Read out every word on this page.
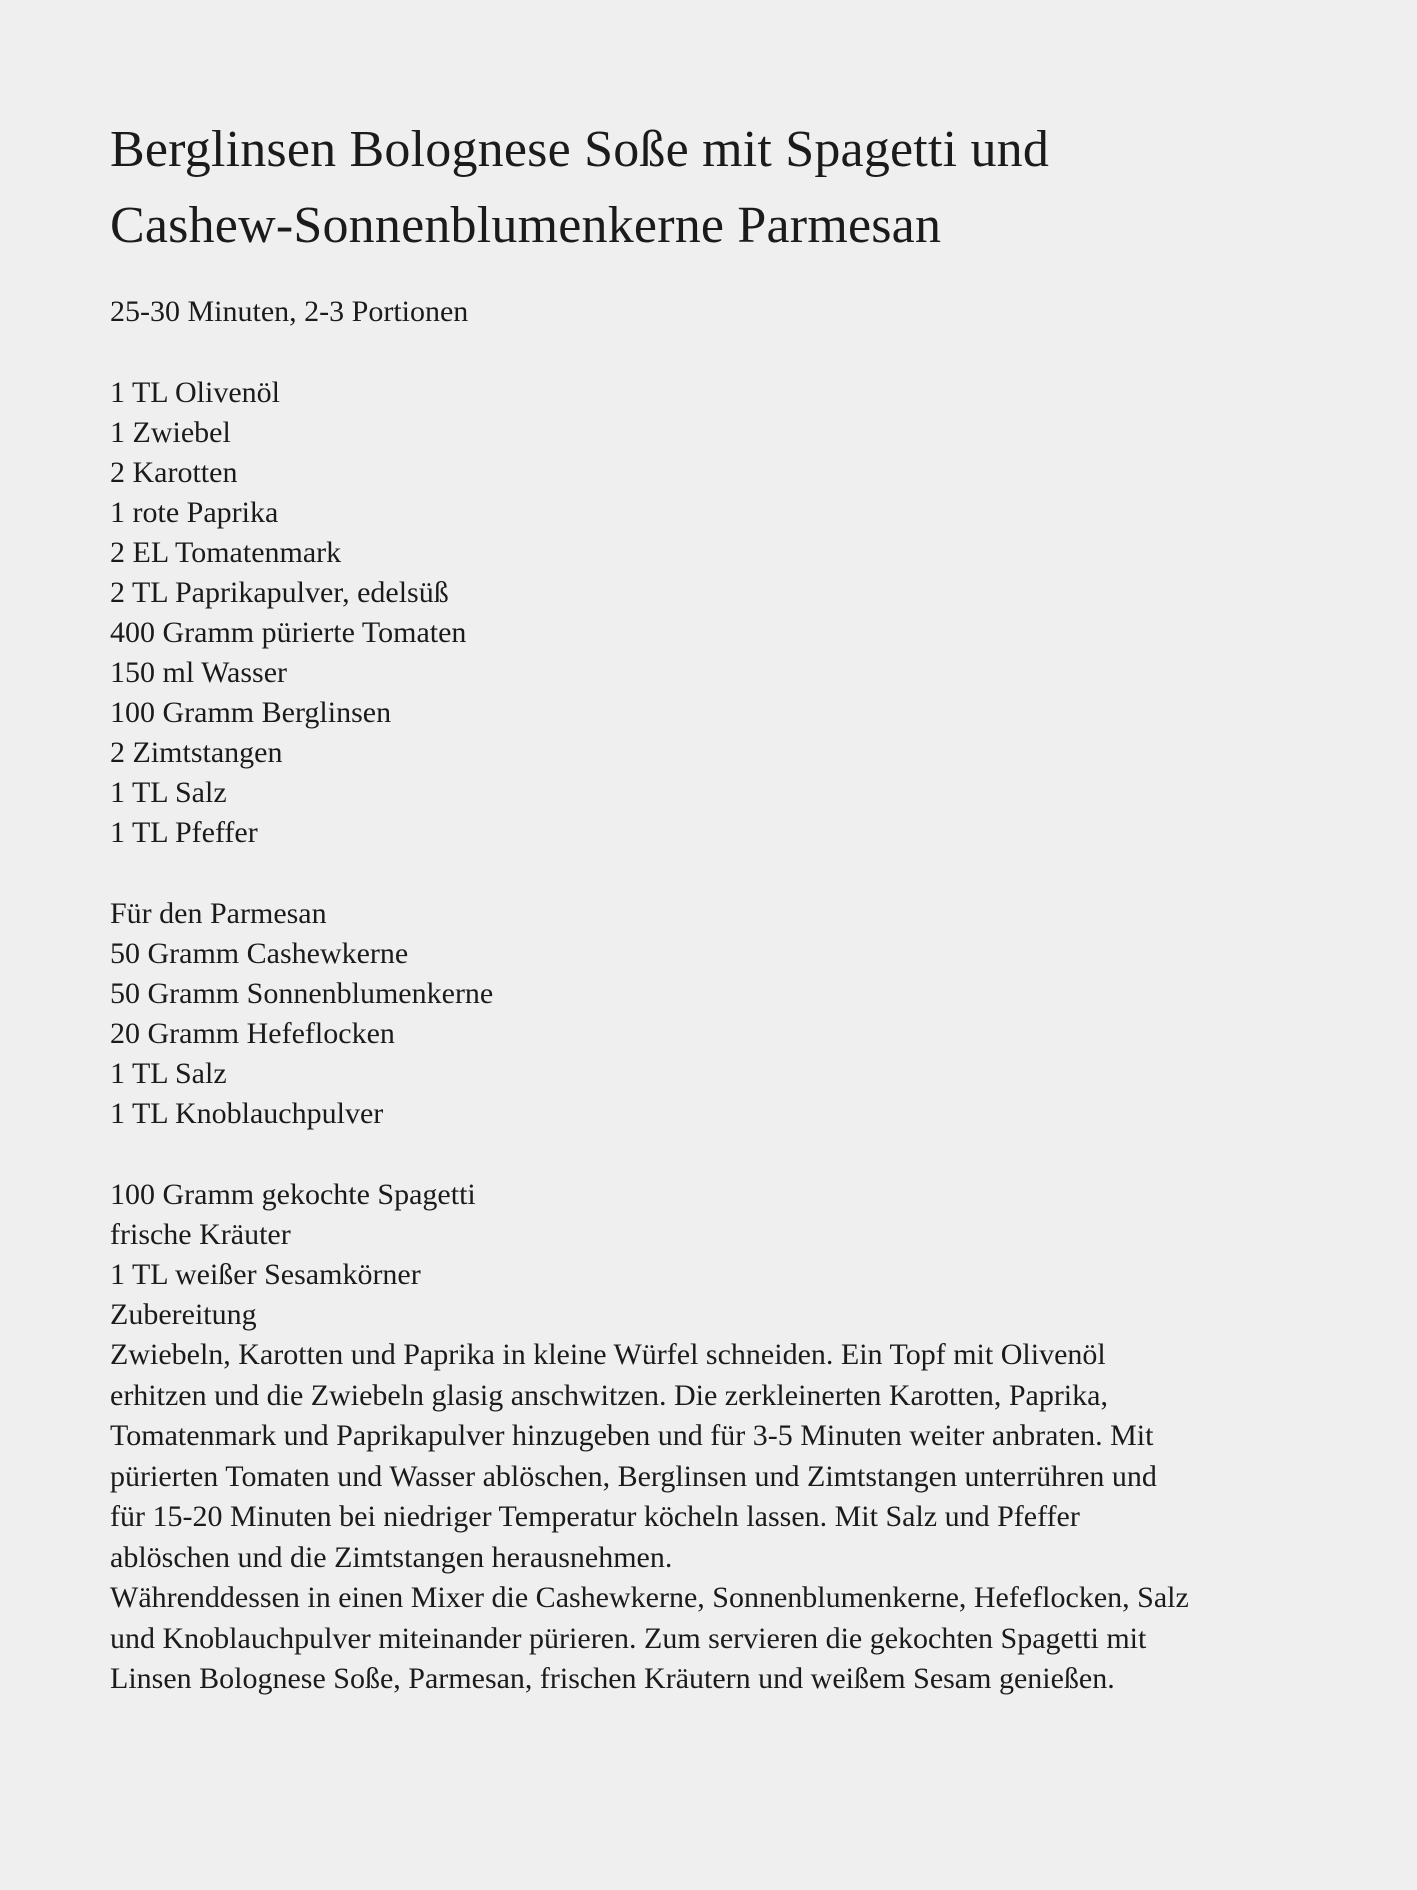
Berglinsen Bolognese Soße mit Spagetti und
Cashew-Sonnenblumenkerne Parmesan

25-30 Minuten, 2-3 Portionen

1 TL Olivenöl
1 Zwiebel
2 Karotten
1 rote Paprika
2 EL Tomatenmark
2 TL Paprikapulver, edelsüß
400 Gramm pürierte Tomaten
150 ml Wasser
100 Gramm Berglinsen
2 Zimtstangen
1 TL Salz
1 TL Pfeffer
Für den Parmesan
50 Gramm Cashewkerne
50 Gramm Sonnenblumenkerne
20 Gramm Hefeflocken
1 TL Salz
1 TL Knoblauchpulver
100 Gramm gekochte Spagetti
frische Kräuter
1 TL weißer Sesamkörner
Zubereitung

Zwiebeln, Karotten und Paprika in kleine Würfel schneiden. Ein Topf mit Olivenöl
erhitzen und die Zwiebeln glasig anschwitzen. Die zerkleinerten Karotten, Paprika,
Tomatenmark und Paprikapulver hinzugeben und für 3-5 Minuten weiter anbraten. Mit
pürierten Tomaten und Wasser ablöschen, Berglinsen und Zimtstangen unterrühren und
für 15-20 Minuten bei niedriger Temperatur köcheln lassen. Mit Salz und Pfeffer
ablöschen und die Zimtstangen herausnehmen.

Währenddessen in einen Mixer die Cashewkerne, Sonnenblumenkerne, Hefeflocken, Salz
und Knoblauchpulver miteinander pürieren. Zum servieren die gekochten Spagetti mit
Linsen Bolognese Soße, Parmesan, frischen Kräutern und weißem Sesam genießen.
